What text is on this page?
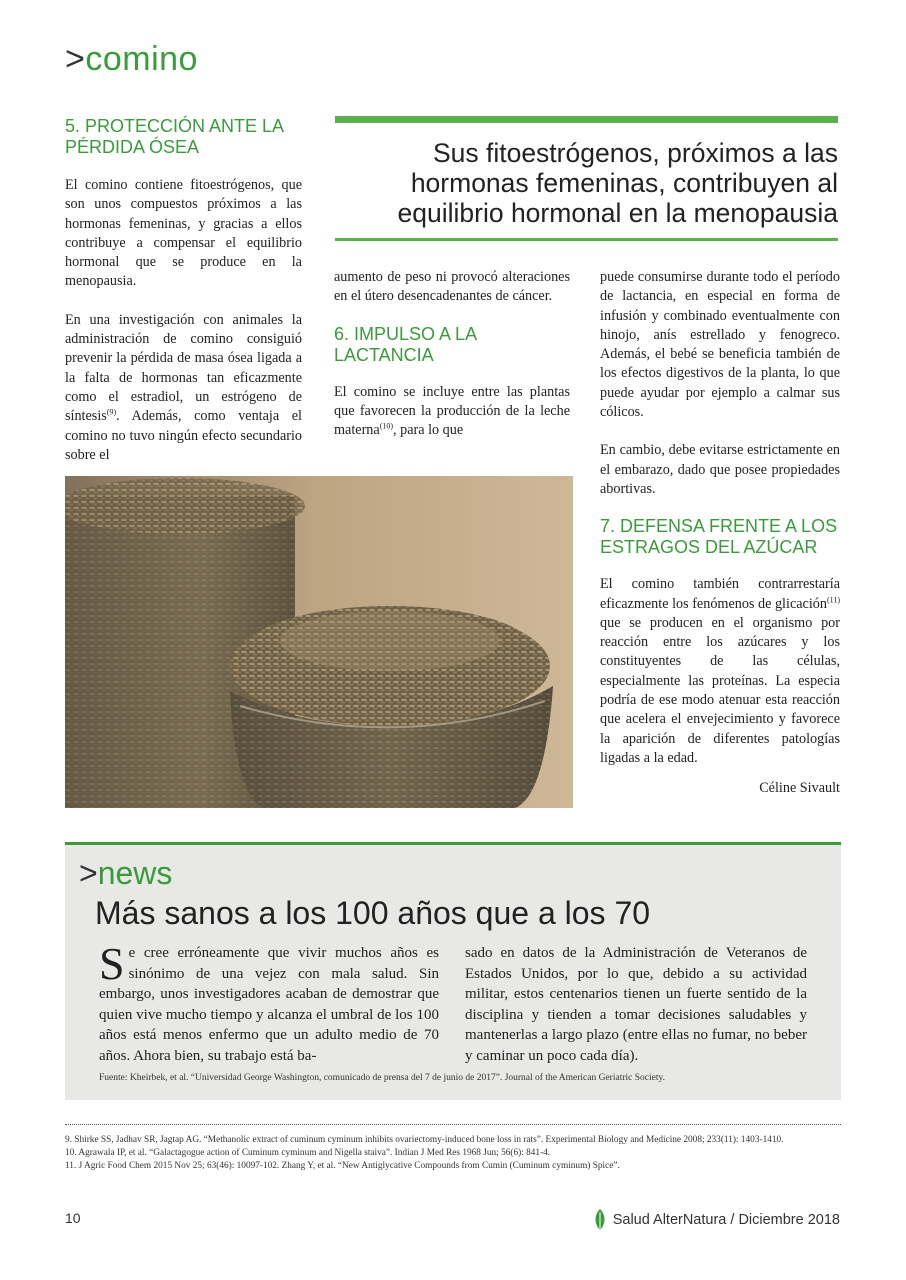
>comino
5. PROTECCIÓN ANTE LA PÉRDIDA ÓSEA

El comino contiene fitoestrógenos, que son unos compuestos próximos a las hormonas femeninas, y gracias a ellos contribuye a compensar el equilibrio hormonal que se produce en la menopausia.

En una investigación con animales la administración de comino consiguió prevenir la pérdida de masa ósea ligada a la falta de hormonas tan eficazmente como el estradiol, un estrógeno de síntesis$^{(9)}$. Además, como ventaja el comino no tuvo ningún efecto secundario sobre el

Sus fitoestrógenos, próximos a las hormonas femeninas, contribuyen al equilibrio hormonal en la menopausia

aumento de peso ni provocó alteraciones en el útero desencadenantes de cáncer.

6. IMPULSO A LA LACTANCIA

El comino se incluye entre las plantas que favorecen la producción de la leche materna$^{(10)}$, para lo que

puede consumirse durante todo el período de lactancia, en especial en forma de infusión y combinado eventualmente con hinojo, anís estrellado y fenogreco. Además, el bebé se beneficia también de los efectos digestivos de la planta, lo que puede ayudar por ejemplo a calmar sus cólicos.

En cambio, debe evitarse estrictamente en el embarazo, dado que posee propiedades abortivas.

7. DEFENSA FRENTE A LOS ESTRAGOS DEL AZÚCAR

El comino también contrarrestaría eficazmente los fenómenos de glicación$^{(11)}$ que se producen en el organismo por reacción entre los azúcares y los constituyentes de las células, especialmente las proteínas. La especia podría de ese modo atenuar esta reacción que acelera el envejecimiento y favorece la aparición de diferentes patologías ligadas a la edad.

Céline Sivault
>news
Más sanos a los 100 años que a los 70

Se cree erróneamente que vivir muchos años es sinónimo de una vejez con mala salud. Sin embargo, unos investigadores acaban de demostrar que quien vive mucho tiempo y alcanza el umbral de los 100 años está menos enfermo que un adulto medio de 70 años. Ahora bien, su trabajo está ba-

sado en datos de la Administración de Veteranos de Estados Unidos, por lo que, debido a su actividad militar, estos centenarios tienen un fuerte sentido de la disciplina y tienden a tomar decisiones saludables y mantenerlas a largo plazo (entre ellas no fumar, no beber y caminar un poco cada día).

Fuente: Kheirbek, et al. “Universidad George Washington, comunicado de prensa del 7 de junio de 2017”. Journal of the American Geriatric Society.
9. Shirke SS, Jadhav SR, Jagtap AG. “Methanolic extract of cuminum cyminum inhibits ovariectomy-induced bone loss in rats”. Experimental Biology and Medicine 2008; 233(11): 1403-1410.
10. Agrawala IP, et al. “Galactagogue action of Cuminum cyminum and Nigella staiva”. Indian J Med Res 1968 Jun; 56(6): 841-4.
11. J Agric Food Chem 2015 Nov 25; 63(46): 10097-102. Zhang Y, et al. “New Antiglycative Compounds from Cumin (Cuminum cyminum) Spice”.
10	Salud AlterNatura / Diciembre 2018
